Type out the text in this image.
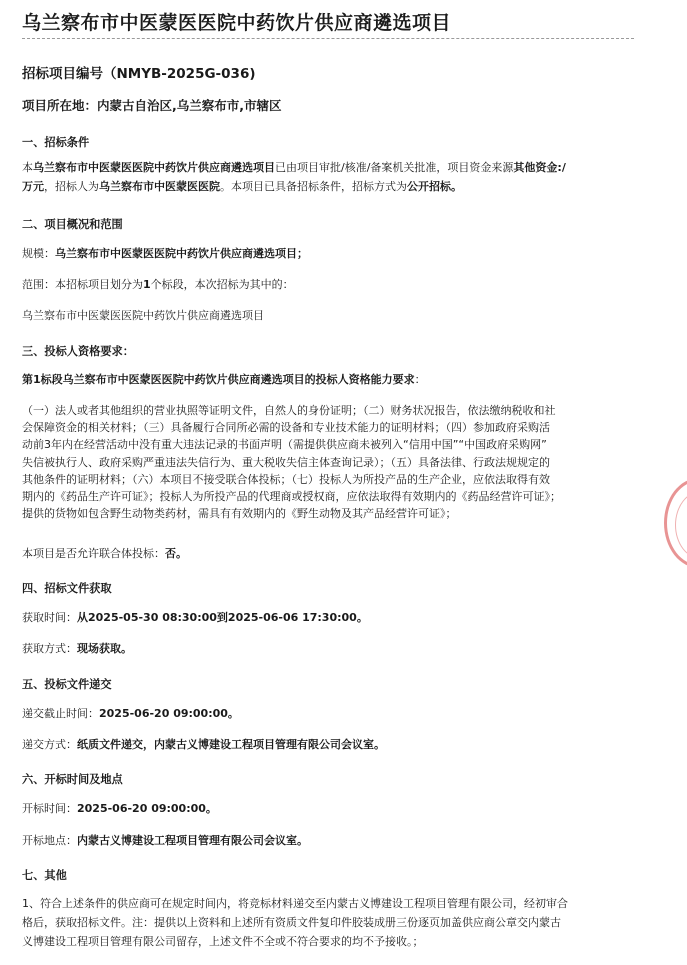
乌兰察布市中医蒙医医院中药饮片供应商遴选项目
招标项目编号（NMYB-2025G-036)
项目所在地：内蒙古自治区,乌兰察布市,市辖区
一、招标条件
本乌兰察布市中医蒙医医院中药饮片供应商遴选项目已由项目审批/核准/备案机关批准，项目资金来源其他资金:/
万元，招标人为乌兰察布市中医蒙医医院。本项目已具备招标条件，招标方式为公开招标。
二、项目概况和范围
规模：乌兰察布市中医蒙医医院中药饮片供应商遴选项目；
范围：本招标项目划分为1个标段，本次招标为其中的：
乌兰察布市中医蒙医医院中药饮片供应商遴选项目
三、投标人资格要求：
第1标段乌兰察布市中医蒙医医院中药饮片供应商遴选项目的投标人资格能力要求：
（一）法人或者其他组织的营业执照等证明文件，自然人的身份证明；（二）财务状况报告，依法缴纳税收和社
会保障资金的相关材料；（三）具备履行合同所必需的设备和专业技术能力的证明材料；（四）参加政府采购活
动前3年内在经营活动中没有重大违法记录的书面声明（需提供供应商未被列入“信用中国”“中国政府采购网”
失信被执行人、政府采购严重违法失信行为、重大税收失信主体查询记录）；（五）具备法律、行政法规规定的
其他条件的证明材料；（六）本项目不接受联合体投标；（七）投标人为所投产品的生产企业，应依法取得有效
期内的《药品生产许可证》；投标人为所投产品的代理商或授权商，应依法取得有效期内的《药品经营许可证》；
提供的货物如包含野生动物类药材，需具有有效期内的《野生动物及其产品经营许可证》；
本项目是否允许联合体投标：否。
四、招标文件获取
获取时间：从2025-05-30 08:30:00到2025-06-06 17:30:00。
获取方式：现场获取。
五、投标文件递交
递交截止时间：2025-06-20 09:00:00。
递交方式：纸质文件递交，内蒙古义博建设工程项目管理有限公司会议室。
六、开标时间及地点
开标时间：2025-06-20 09:00:00。
开标地点：内蒙古义博建设工程项目管理有限公司会议室。
七、其他
1、符合上述条件的供应商可在规定时间内，将竞标材料递交至内蒙古义博建设工程项目管理有限公司，经初审合
格后，获取招标文件。注：提供以上资料和上述所有资质文件复印件胶装成册三份逐页加盖供应商公章交内蒙古
义博建设工程项目管理有限公司留存，上述文件不全或不符合要求的均不予接收。；
